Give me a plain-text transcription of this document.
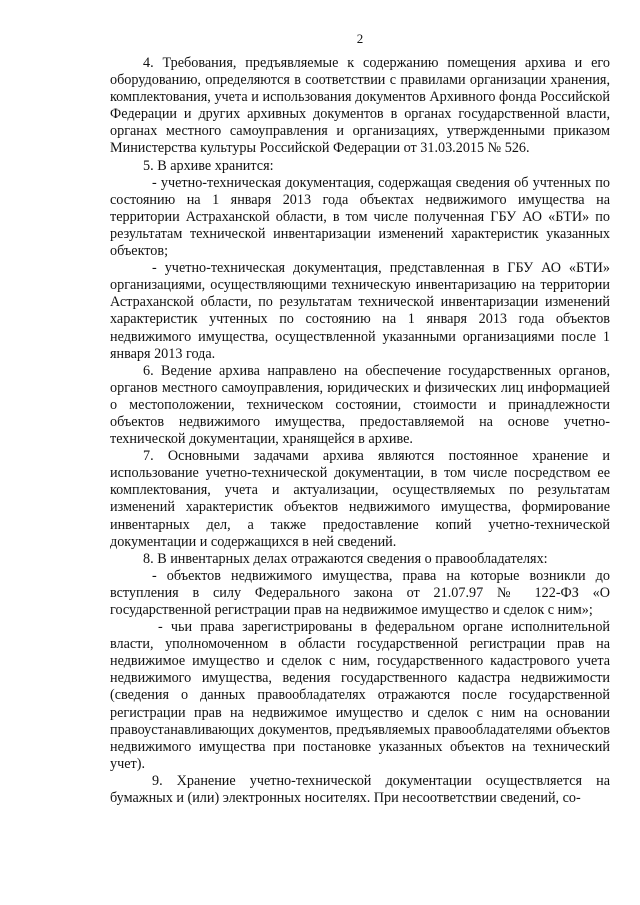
2

4. Требования, предъявляемые к содержанию помещения архива и его оборудованию, определяются в соответствии с правилами организации хранения, комплектования, учета и использования документов Архивного фонда Российской Федерации и других архивных документов в органах государственной власти, органах местного самоуправления и организациях, утвержденными приказом Министерства культуры Российской Федерации от 31.03.2015 № 526.

5. В архиве хранится:

- учетно-техническая документация, содержащая сведения об учтенных по состоянию на 1 января 2013 года объектах недвижимого имущества на территории Астраханской области, в том числе полученная ГБУ АО «БТИ» по результатам технической инвентаризации изменений характеристик указанных объектов;

- учетно-техническая документация, представленная в ГБУ АО «БТИ» организациями, осуществляющими техническую инвентаризацию на территории Астраханской области, по результатам технической инвентаризации изменений характеристик учтенных по состоянию на 1 января 2013 года объектов недвижимого имущества, осуществленной указанными организациями после 1 января 2013 года.

6. Ведение архива направлено на обеспечение государственных органов, органов местного самоуправления, юридических и физических лиц информацией о местоположении, техническом состоянии, стоимости и принадлежности объектов недвижимого имущества, предоставляемой на основе учетно-технической документации, хранящейся в архиве.

7. Основными задачами архива являются постоянное хранение и использование учетно-технической документации, в том числе посредством ее комплектования, учета и актуализации, осуществляемых по результатам изменений характеристик объектов недвижимого имущества, формирование инвентарных дел, а также предоставление копий учетно-технической документации и содержащихся в ней сведений.

8. В инвентарных делах отражаются сведения о правообладателях:

- объектов недвижимого имущества, права на которые возникли до вступления в силу Федерального закона от 21.07.97 № 122-ФЗ «О государственной регистрации прав на недвижимое имущество и сделок с ним»;

- чьи права зарегистрированы в федеральном органе исполнительной власти, уполномоченном в области государственной регистрации прав на недвижимое имущество и сделок с ним, государственного кадастрового учета недвижимого имущества, ведения государственного кадастра недвижимости (сведения о данных правообладателях отражаются после государственной регистрации прав на недвижимое имущество и сделок с ним на основании правоустанавливающих документов, предъявляемых правообладателями объектов недвижимого имущества при постановке указанных объектов на технический учет).

9. Хранение учетно-технической документации осуществляется на бумажных и (или) электронных носителях. При несоответствии сведений, со-
